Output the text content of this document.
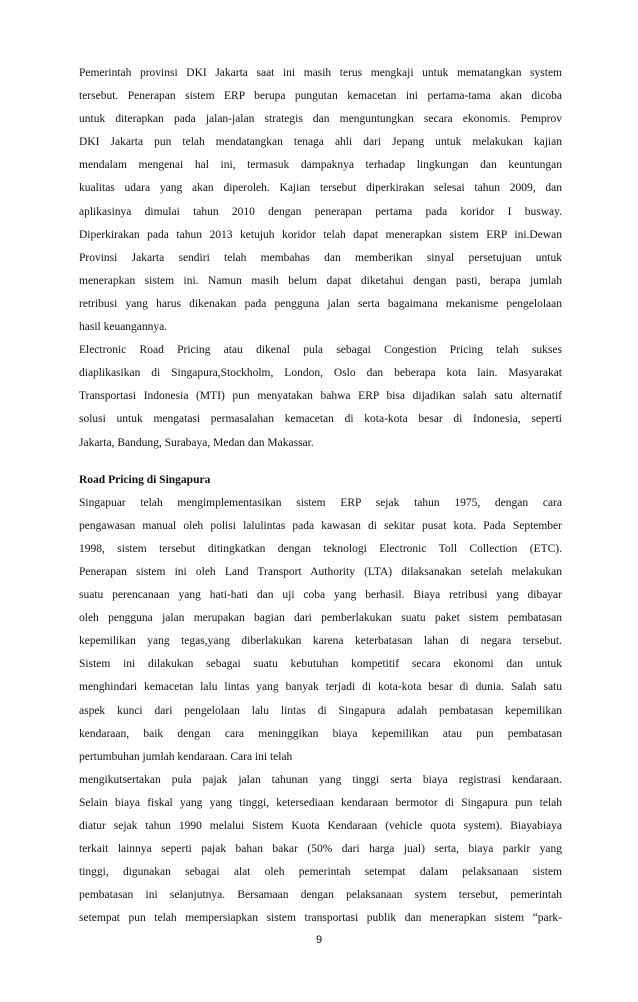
Pemerintah provinsi DKI Jakarta saat ini masih terus mengkaji untuk mematangkan system
tersebut. Penerapan sistem ERP berupa pungutan kemacetan ini pertama-tama akan dicoba
untuk diterapkan pada jalan-jalan strategis dan menguntungkan secara ekonomis. Pemprov
DKI Jakarta pun telah mendatangkan tenaga ahli dari Jepang untuk melakukan kajian
mendalam mengenai hal ini, termasuk dampaknya terhadap lingkungan dan keuntungan
kualitas udara yang akan diperoleh. Kajian tersebut diperkirakan selesai tahun 2009, dan
aplikasinya dimulai tahun 2010 dengan penerapan pertama pada koridor I busway.
Diperkirakan pada tahun 2013 ketujuh koridor telah dapat menerapkan sistem ERP ini.Dewan
Provinsi Jakarta sendiri telah membahas dan memberikan sinyal persetujuan untuk
menerapkan sistem ini. Namun masih belum dapat diketahui dengan pasti, berapa jumlah
retribusi yang harus dikenakan pada pengguna jalan serta bagaimana mekanisme pengelolaan
hasil keuangannya.
Electronic Road Pricing atau dikenal pula sebagai Congestion Pricing telah sukses
diaplikasikan di Singapura,Stockholm, London, Oslo dan beberapa kota lain. Masyarakat
Transportasi Indonesia (MTI) pun menyatakan bahwa ERP bisa dijadikan salah satu alternatif
solusi untuk mengatasi permasalahan kemacetan di kota-kota besar di Indonesia, seperti
Jakarta, Bandung, Surabaya, Medan dan Makassar.
Road Pricing di Singapura
Singapuar telah mengimplementasikan sistem ERP sejak tahun 1975, dengan cara
pengawasan manual oleh polisi lalulintas pada kawasan di sekitar pusat kota. Pada September
1998, sistem tersebut ditingkatkan dengan teknologi Electronic Toll Collection (ETC).
Penerapan sistem ini oleh Land Transport Authority (LTA) dilaksanakan setelah melakukan
suatu perencanaan yang hati-hati dan uji coba yang berhasil. Biaya retribusi yang dibayar
oleh pengguna jalan merupakan bagian dari pemberlakukan suatu paket sistem pembatasan
kepemilikan yang tegas,yang diberlakukan karena keterbatasan lahan di negara tersebut.
Sistem ini dilakukan sebagai suatu kebutuhan kompetitif secara ekonomi dan untuk
menghindari kemacetan lalu lintas yang banyak terjadi di kota-kota besar di dunia. Salah satu
aspek kunci dari pengelolaan lalu lintas di Singapura adalah pembatasan kepemilikan
kendaraan, baik dengan cara meninggikan biaya kepemilikan atau pun pembatasan
pertumbuhan jumlah kendaraan. Cara ini telah
mengikutsertakan pula pajak jalan tahunan yang tinggi serta biaya registrasi kendaraan.
Selain biaya fiskal yang yang tinggi, ketersediaan kendaraan bermotor di Singapura pun telah
diatur sejak tahun 1990 melalui Sistem Kuota Kendaraan (vehicle quota system). Biayabiaya
terkait lainnya seperti pajak bahan bakar (50% dari harga jual) serta, biaya parkir yang
tinggi, digunakan sebagai alat oleh pemerintah setempat dalam pelaksanaan sistem
pembatasan ini selanjutnya. Bersamaan dengan pelaksanaan system tersebut, pemerintah
setempat pun telah mempersiapkan sistem transportasi publik dan menerapkan sistem “park-
9
